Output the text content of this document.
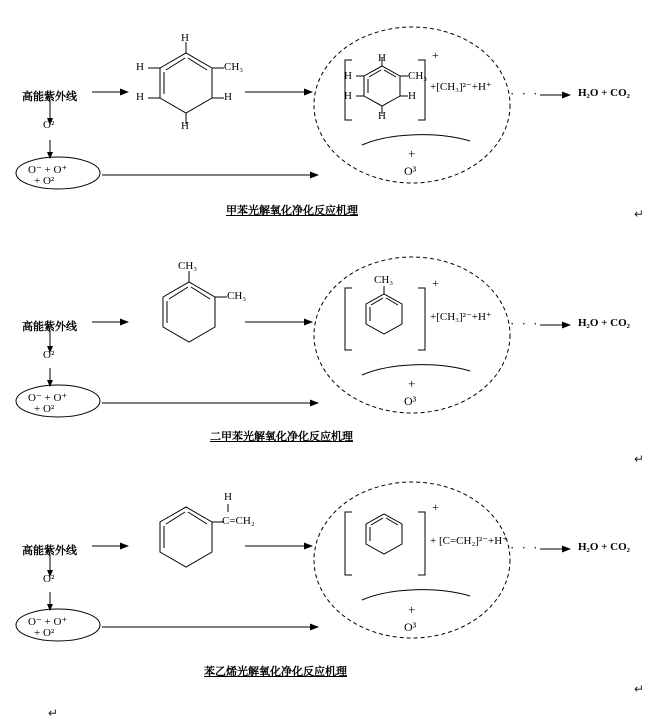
高能紫外线
O²
O⁻ + O⁺
+ O²
H
CH₃
H
H
H
H
+
H
CH₃
H
H
H
H
+[CH₃]²⁻+H⁺
+
O³
· · ·	H₂O + CO₂
甲苯光解氧化净化反应机理	↵
高能紫外线
O²
O⁻ + O⁺
+ O²
CH₃
CH₃
+
CH₃
+[CH₃]²⁻+H⁺
+
O³
· · ·	H₂O + CO₂
二甲苯光解氧化净化反应机理
↵
高能紫外线
O²
O⁻ + O⁺
+ O²
H
C=CH₂
+
+ [C=CH₂]²⁻+H⁺
+
O³
· · ·	H₂O + CO₂
苯乙烯光解氧化净化反应机理
↵
↵
